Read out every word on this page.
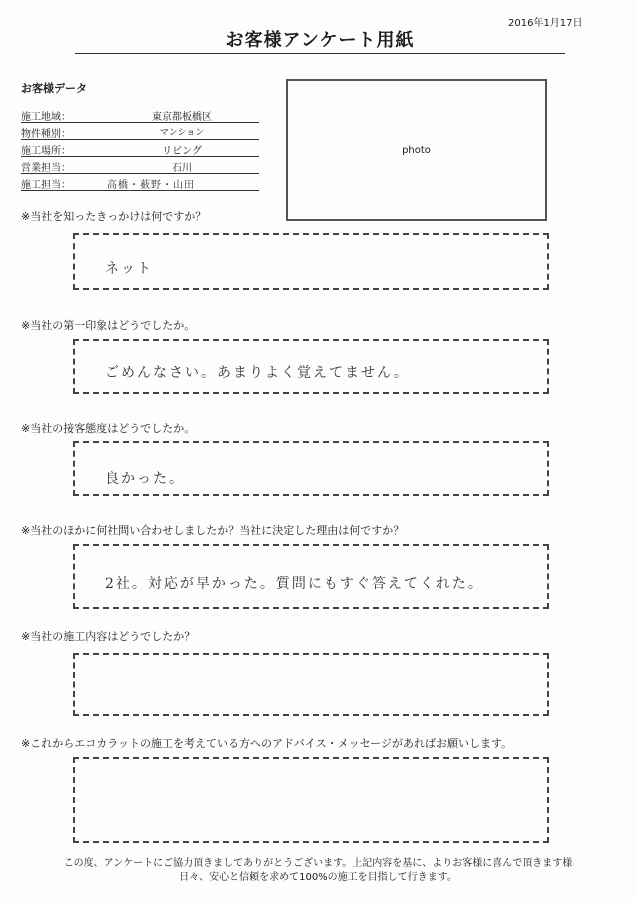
2016年1月17日
お客様アンケート用紙
お客様データ
施工地域：	東京都板橋区
物件種別：	マンション
施工場所：	リビング
営業担当：	石川
施工担当：	高橋・薮野・山田
photo
※当社を知ったきっかけは何ですか？
ネット
※当社の第一印象はどうでしたか。
ごめんなさい。あまりよく覚えてません。
※当社の接客態度はどうでしたか。
良かった。
※当社のほかに何社問い合わせしましたか？当社に決定した理由は何ですか？
2社。対応が早かった。質問にもすぐ答えてくれた。
※当社の施工内容はどうでしたか？
※これからエコカラットの施工を考えている方へのアドバイス・メッセージがあればお願いします。
この度、アンケートにご協力頂きましてありがとうございます。上記内容を基に、よりお客様に喜んで頂きます様
日々、安心と信頼を求めて100%の施工を目指して行きます。
